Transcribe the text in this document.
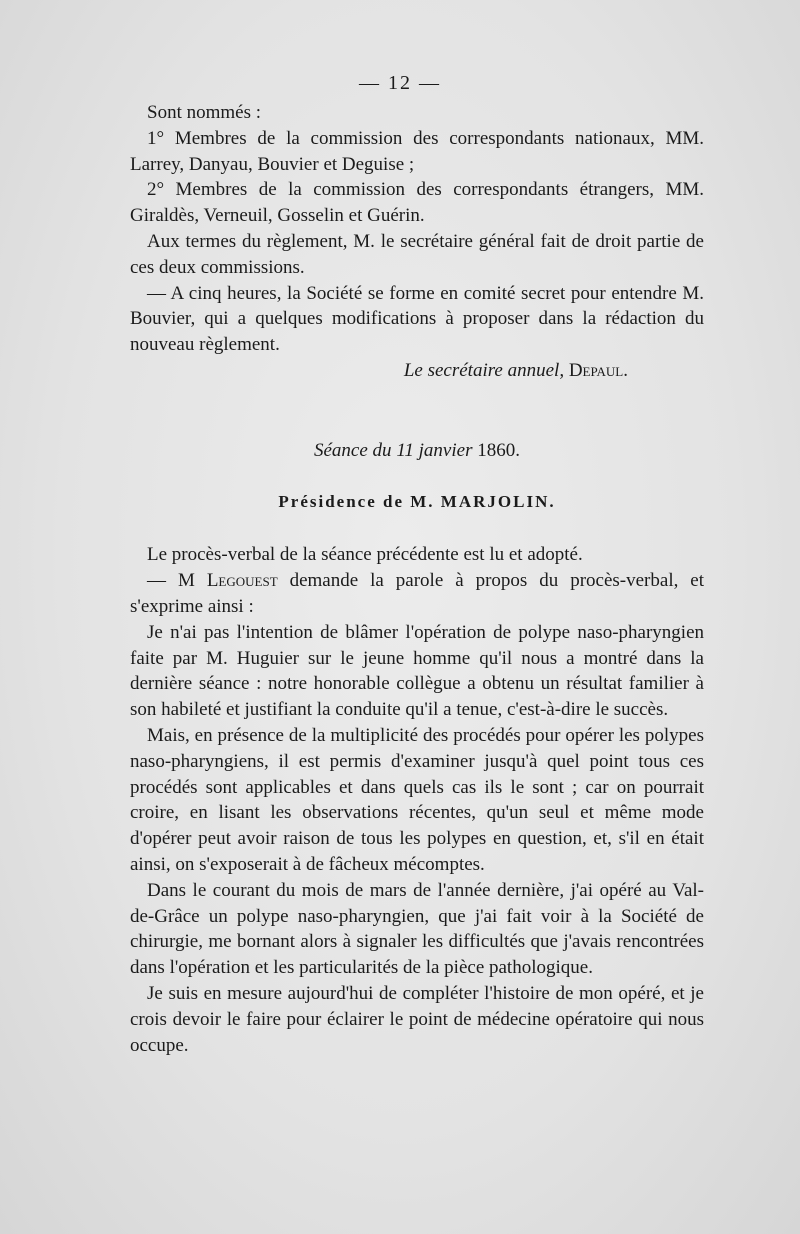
— 12 —

Sont nommés :

1° Membres de la commission des correspondants nationaux, MM. Larrey, Danyau, Bouvier et Deguise ;

2° Membres de la commission des correspondants étrangers, MM. Giraldès, Verneuil, Gosselin et Guérin.

Aux termes du règlement, M. le secrétaire général fait de droit partie de ces deux commissions.

— A cinq heures, la Société se forme en comité secret pour entendre M. Bouvier, qui a quelques modifications à proposer dans la rédaction du nouveau règlement.

Le secrétaire annuel, Depaul.

Séance du 11 janvier 1860.

Présidence de M. MARJOLIN.

Le procès-verbal de la séance précédente est lu et adopté.

— M Legouest demande la parole à propos du procès-verbal, et s'exprime ainsi :

Je n'ai pas l'intention de blâmer l'opération de polype naso-pharyngien faite par M. Huguier sur le jeune homme qu'il nous a montré dans la dernière séance : notre honorable collègue a obtenu un résultat familier à son habileté et justifiant la conduite qu'il a tenue, c'est-à-dire le succès.

Mais, en présence de la multiplicité des procédés pour opérer les polypes naso-pharyngiens, il est permis d'examiner jusqu'à quel point tous ces procédés sont applicables et dans quels cas ils le sont ; car on pourrait croire, en lisant les observations récentes, qu'un seul et même mode d'opérer peut avoir raison de tous les polypes en question, et, s'il en était ainsi, on s'exposerait à de fâcheux mécomptes.

Dans le courant du mois de mars de l'année dernière, j'ai opéré au Val-de-Grâce un polype naso-pharyngien, que j'ai fait voir à la Société de chirurgie, me bornant alors à signaler les difficultés que j'avais rencontrées dans l'opération et les particularités de la pièce pathologique.

Je suis en mesure aujourd'hui de compléter l'histoire de mon opéré, et je crois devoir le faire pour éclairer le point de médecine opératoire qui nous occupe.
